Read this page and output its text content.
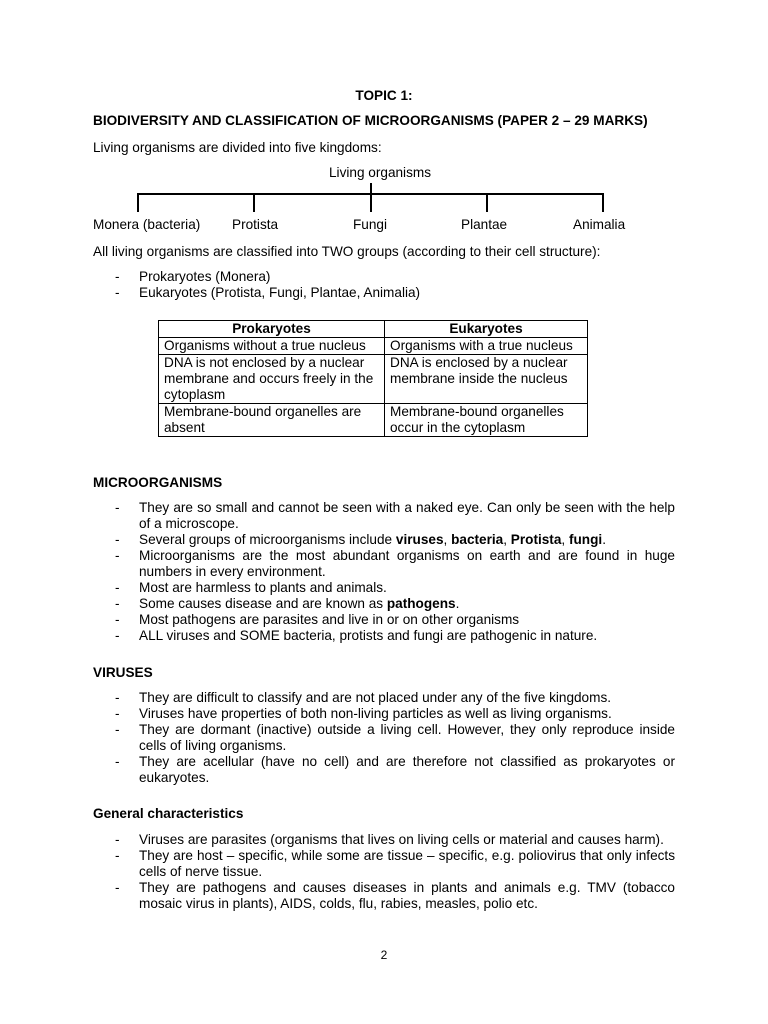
TOPIC 1:
BIODIVERSITY AND CLASSIFICATION OF MICROORGANISMS (PAPER 2 – 29 MARKS)
Living organisms are divided into five kingdoms:
Living organisms
Monera (bacteria) Protista	Fungi	Plantae	Animalia
All living organisms are classified into TWO groups (according to their cell structure):
- Prokaryotes (Monera)
- Eukaryotes (Protista, Fungi, Plantae, Animalia)
Prokaryotes	Eukaryotes
Organisms without a true nucleus	Organisms with a true nucleus
DNA is not enclosed by a nuclear membrane and occurs freely in the cytoplasm	DNA is enclosed by a nuclear membrane inside the nucleus
Membrane-bound organelles are absent	Membrane-bound organelles occur in the cytoplasm
MICROORGANISMS
- They are so small and cannot be seen with a naked eye. Can only be seen with the help of a microscope.
- Several groups of microorganisms include viruses, bacteria, Protista, fungi.
- Microorganisms are the most abundant organisms on earth and are found in huge numbers in every environment.
- Most are harmless to plants and animals.
- Some causes disease and are known as pathogens.
- Most pathogens are parasites and live in or on other organisms
- ALL viruses and SOME bacteria, protists and fungi are pathogenic in nature.
VIRUSES
- They are difficult to classify and are not placed under any of the five kingdoms.
- Viruses have properties of both non-living particles as well as living organisms.
- They are dormant (inactive) outside a living cell. However, they only reproduce inside cells of living organisms.
- They are acellular (have no cell) and are therefore not classified as prokaryotes or eukaryotes.
General characteristics
- Viruses are parasites (organisms that lives on living cells or material and causes harm).
- They are host – specific, while some are tissue – specific, e.g. poliovirus that only infects cells of nerve tissue.
- They are pathogens and causes diseases in plants and animals e.g. TMV (tobacco mosaic virus in plants), AIDS, colds, flu, rabies, measles, polio etc.
2
